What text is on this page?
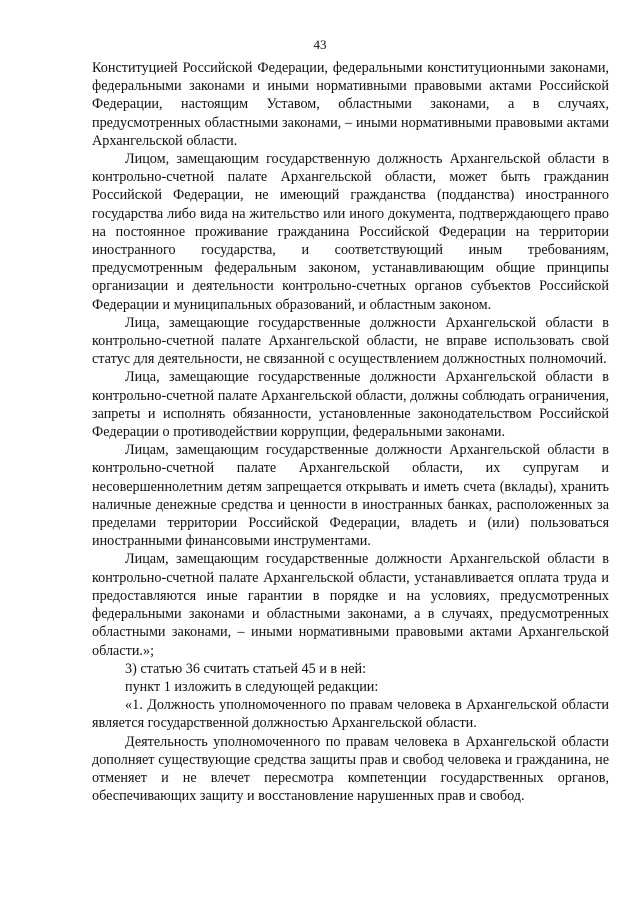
43

Конституцией Российской Федерации, федеральными конституционными законами, федеральными законами и иными нормативными правовыми актами Российской Федерации, настоящим Уставом, областными законами, а в случаях, предусмотренных областными законами, – иными нормативными правовыми актами Архангельской области.

Лицом, замещающим государственную должность Архангельской области в контрольно-счетной палате Архангельской области, может быть гражданин Российской Федерации, не имеющий гражданства (подданства) иностранного государства либо вида на жительство или иного документа, подтверждающего право на постоянное проживание гражданина Российской Федерации на территории иностранного государства, и соответствующий иным требованиям, предусмотренным федеральным законом, устанавливающим общие принципы организации и деятельности контрольно-счетных органов субъектов Российской Федерации и муниципальных образований, и областным законом.

Лица, замещающие государственные должности Архангельской области в контрольно-счетной палате Архангельской области, не вправе использовать свой статус для деятельности, не связанной с осуществлением должностных полномочий.

Лица, замещающие государственные должности Архангельской области в контрольно-счетной палате Архангельской области, должны соблюдать ограничения, запреты и исполнять обязанности, установленные законодательством Российской Федерации о противодействии коррупции, федеральными законами.

Лицам, замещающим государственные должности Архангельской области в контрольно-счетной палате Архангельской области, их супругам и несовершеннолетним детям запрещается открывать и иметь счета (вклады), хранить наличные денежные средства и ценности в иностранных банках, расположенных за пределами территории Российской Федерации, владеть и (или) пользоваться иностранными финансовыми инструментами.

Лицам, замещающим государственные должности Архангельской области в контрольно-счетной палате Архангельской области, устанавливается оплата труда и предоставляются иные гарантии в порядке и на условиях, предусмотренных федеральными законами и областными законами, а в случаях, предусмотренных областными законами, – иными нормативными правовыми актами Архангельской области.»;

3) статью 36 считать статьей 45 и в ней:

пункт 1 изложить в следующей редакции:

«1. Должность уполномоченного по правам человека в Архангельской области является государственной должностью Архангельской области.

Деятельность уполномоченного по правам человека в Архангельской области дополняет существующие средства защиты прав и свобод человека и гражданина, не отменяет и не влечет пересмотра компетенции государственных органов, обеспечивающих защиту и восстановление нарушенных прав и свобод.
